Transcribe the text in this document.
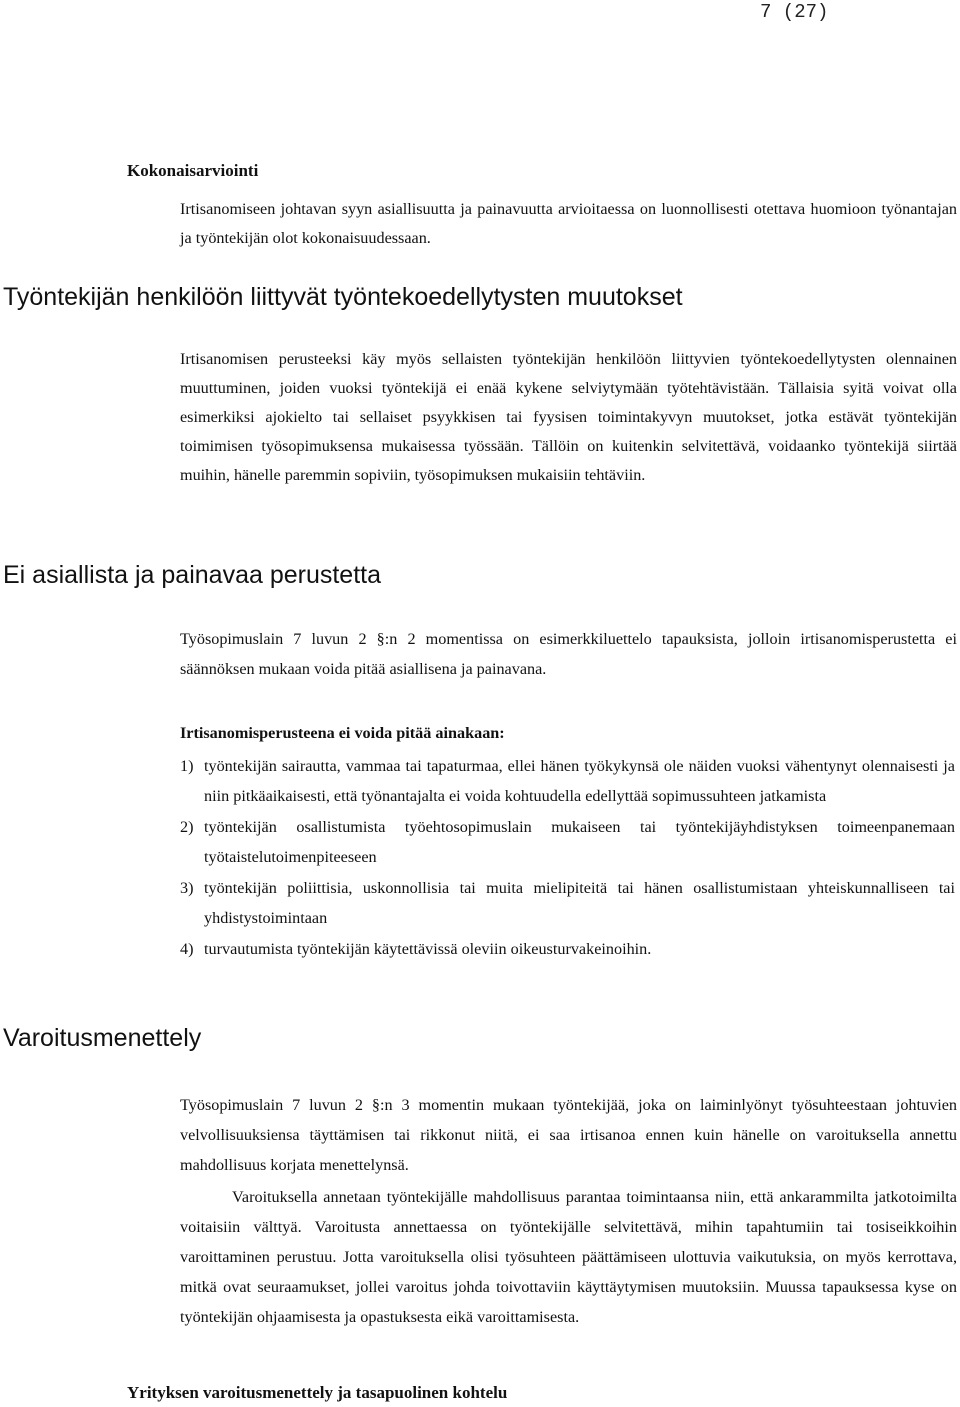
7 (27)
Kokonaisarviointi

Irtisanomiseen johtavan syyn asiallisuutta ja painavuutta arvioitaessa on luonnollisesti otettava huomioon työnantajan ja työntekijän olot kokonaisuudessaan.

Työntekijän henkilöön liittyvät työntekoedellytysten muutokset

Irtisanomisen perusteeksi käy myös sellaisten työntekijän henkilöön liittyvien työntekoedellytysten olennainen muuttuminen, joiden vuoksi työntekijä ei enää kykene selviytymään työtehtävistään. Tällaisia syitä voivat olla esimerkiksi ajokielto tai sellaiset psyykkisen tai fyysisen toimintakyvyn muutokset, jotka estävät työntekijän toimimisen työsopimuksensa mukaisessa työssään. Tällöin on kuitenkin selvitettävä, voidaanko työntekijä siirtää muihin, hänelle paremmin sopiviin, työsopimuksen mukaisiin tehtäviin.

Ei asiallista ja painavaa perustetta

Työsopimuslain 7 luvun 2 §:n 2 momentissa on esimerkkiluettelo tapauksista, jolloin irtisanomisperustetta ei säännöksen mukaan voida pitää asiallisena ja painavana.

Irtisanomisperusteena ei voida pitää ainakaan:
1) työntekijän sairautta, vammaa tai tapaturmaa, ellei hänen työkykynsä ole näiden vuoksi vähentynyt olennaisesti ja niin pitkäaikaisesti, että työnantajalta ei voida kohtuudella edellyttää sopimussuhteen jatkamista
2) työntekijän osallistumista työehtosopimuslain mukaiseen tai työntekijäyhdistyksen toimeenpanemaan työtaistelutoimenpiteeseen
3) työntekijän poliittisia, uskonnollisia tai muita mielipiteitä tai hänen osallistumistaan yhteiskunnalliseen tai yhdistystoimintaan
4) turvautumista työntekijän käytettävissä oleviin oikeusturvakeinoihin.
Varoitusmenettely

Työsopimuslain 7 luvun 2 §:n 3 momentin mukaan työntekijää, joka on laiminlyönyt työsuhteestaan johtuvien velvollisuuksiensa täyttämisen tai rikkonut niitä, ei saa irtisanoa ennen kuin hänelle on varoituksella annettu mahdollisuus korjata menettelynsä.

Varoituksella annetaan työntekijälle mahdollisuus parantaa toimintaansa niin, että ankarammilta jatkotoimilta voitaisiin välttyä. Varoitusta annettaessa on työntekijälle selvitettävä, mihin tapahtumiin tai tosiseikkoihin varoittaminen perustuu. Jotta varoituksella olisi työsuhteen päättämiseen ulottuvia vaikutuksia, on myös kerrottava, mitkä ovat seuraamukset, jollei varoitus johda toivottaviin käyttäytymisen muutoksiin. Muussa tapauksessa kyse on työntekijän ohjaamisesta ja opastuksesta eikä varoittamisesta.

Yrityksen varoitusmenettely ja tasapuolinen kohtelu
